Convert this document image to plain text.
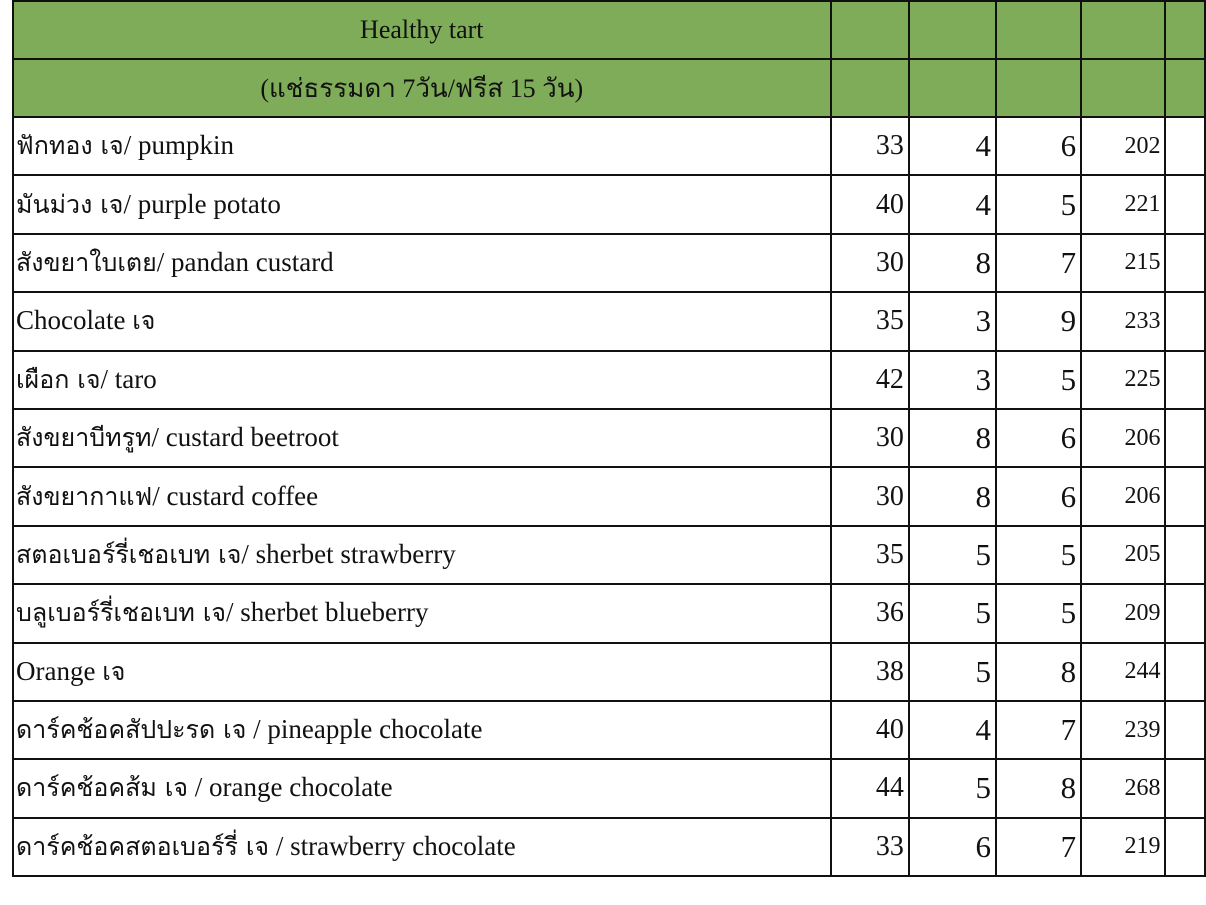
Healthy tart					
(แช่ธรรมดา 7วัน/ฟรีส 15 วัน)					
ฟักทอง เจ/ pumpkin	33	4	6	202	
มันม่วง เจ/ purple potato	40	4	5	221	
สังขยาใบเตย/ pandan custard	30	8	7	215	
Chocolate เจ	35	3	9	233	
เผือก เจ/ taro	42	3	5	225	
สังขยาบีทรูท/ custard beetroot	30	8	6	206	
สังขยากาแฟ/ custard coffee	30	8	6	206	
สตอเบอร์รี่เชอเบท เจ/ sherbet strawberry	35	5	5	205	
บลูเบอร์รี่เชอเบท เจ/ sherbet blueberry	36	5	5	209	
Orange เจ	38	5	8	244	
ดาร์คช้อคสัปปะรด เจ / pineapple chocolate	40	4	7	239	
ดาร์คช้อคส้ม เจ / orange chocolate	44	5	8	268	
ดาร์คช้อคสตอเบอร์รี่ เจ / strawberry chocolate	33	6	7	219	
